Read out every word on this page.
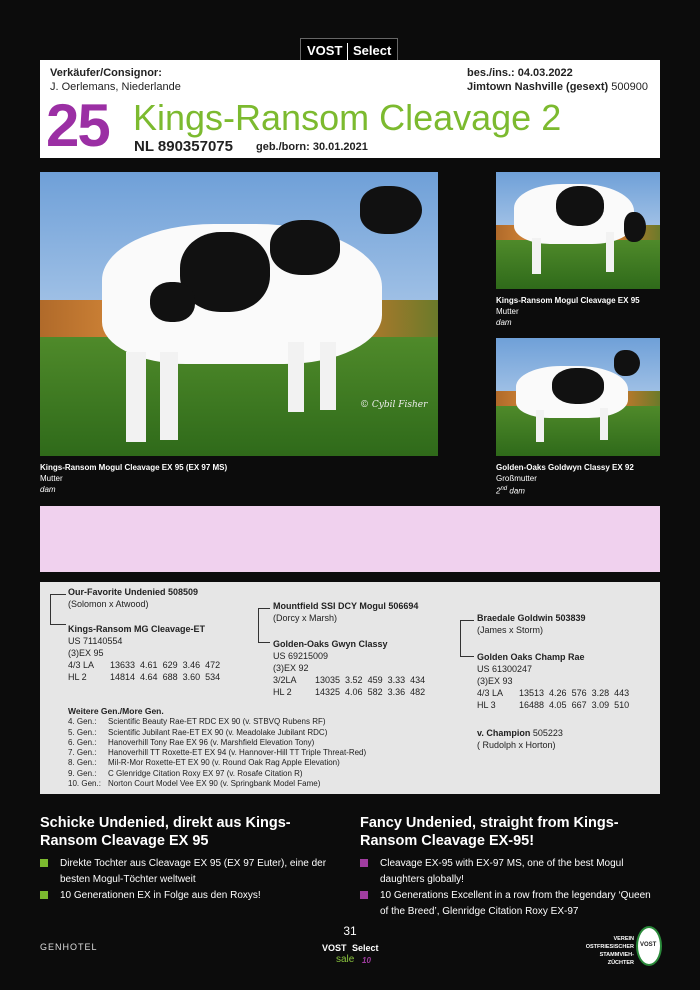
VOST Select
Verkäufer/Consignor:
J. Oerlemans, Niederlande
bes./ins.: 04.03.2022
Jimtown Nashville (gesext) 500900
25 Kings-Ransom Cleavage 2
NL 890357075 geb./born: 30.01.2021
© Cybil Fisher
Kings-Ransom Mogul Cleavage EX 95 (EX 97 MS)
Mutter
dam
Kings-Ransom Mogul Cleavage EX 95
Mutter
dam
Golden-Oaks Goldwyn Classy EX 92
Großmutter
2nd dam
Our-Favorite Undenied 508509
(Solomon x Atwood)
Kings-Ransom MG Cleavage-ET
US 71140554
(3)EX 95
4/3 LA	13633	4.61	629	3.46	472
HL 2	14814	4.64	688	3.60	534
Mountfield SSI DCY Mogul 506694
(Dorcy x Marsh)
Golden-Oaks Gwyn Classy
US 69215009
(3)EX 92
3/2LA	13035	3.52	459	3.33	434
HL 2	14325	4.06	582	3.36	482
Braedale Goldwin 503839
(James x Storm)
Golden Oaks Champ Rae
US 61300247
(3)EX 93
4/3 LA	13513	4.26	576	3.28	443
HL 3	16488	4.05	667	3.09	510
v. Champion 505223
( Rudolph x Horton)
Weitere Gen./More Gen.
4. Gen.: Scientific Beauty Rae-ET RDC EX 90 (v. STBVQ Rubens RF)
5. Gen.: Scientific Jubilant Rae-ET EX 90 (v. Meadolake Jubilant RDC)
6. Gen.: Hanoverhill Tony Rae EX 96 (v. Marshfield Elevation Tony)
7. Gen.: Hanoverhill TT Roxette-ET EX 94 (v. Hannover-Hill TT Triple Threat-Red)
8. Gen.: Mil-R-Mor Roxette-ET EX 90 (v. Round Oak Rag Apple Elevation)
9. Gen.: C Glenridge Citation Roxy EX 97 (v. Rosafe Citation R)
10. Gen.: Norton Court Model Vee EX 90 (v. Springbank Model Fame)
Schicke Undenied, direkt aus Kings-Ransom Cleavage EX 95
Direkte Tochter aus Cleavage EX 95 (EX 97 Euter), eine der besten Mogul-Töchter weltweit
10 Generationen EX in Folge aus den Roxys!
Fancy Undenied, straight from Kings-Ransom Cleavage EX-95!
Cleavage EX-95 with EX-97 MS, one of the best Mogul daughters globally!
10 Generations Excellent in a row from the legendary ‘Queen of the Breed’, Glenridge Citation Roxy EX-97
31
VOST Select
sale 10
GENHOTEL
VEREIN
OSTFRIESISCHER
STAMMVIEH-
ZÜCHTER
VOST
